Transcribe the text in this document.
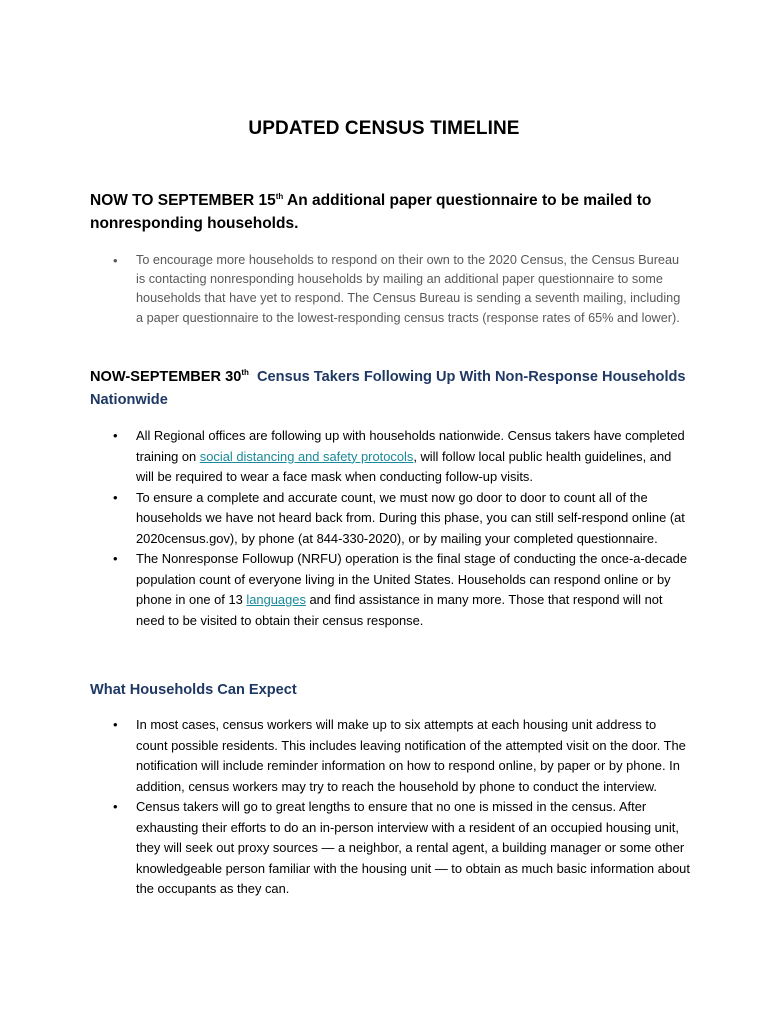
UPDATED CENSUS TIMELINE
NOW TO SEPTEMBER 15th An additional paper questionnaire to be mailed to nonresponding households.
• To encourage more households to respond on their own to the 2020 Census, the Census Bureau is contacting nonresponding households by mailing an additional paper questionnaire to some households that have yet to respond. The Census Bureau is sending a seventh mailing, including a paper questionnaire to the lowest-responding census tracts (response rates of 65% and lower).
NOW-SEPTEMBER 30th Census Takers Following Up With Non-Response Households Nationwide
• All Regional offices are following up with households nationwide. Census takers have completed training on social distancing and safety protocols, will follow local public health guidelines, and will be required to wear a face mask when conducting follow-up visits.
• To ensure a complete and accurate count, we must now go door to door to count all of the households we have not heard back from. During this phase, you can still self-respond online (at 2020census.gov), by phone (at 844-330-2020), or by mailing your completed questionnaire.
• The Nonresponse Followup (NRFU) operation is the final stage of conducting the once-a-decade population count of everyone living in the United States. Households can respond online or by phone in one of 13 languages and find assistance in many more. Those that respond will not need to be visited to obtain their census response.
What Households Can Expect
• In most cases, census workers will make up to six attempts at each housing unit address to count possible residents. This includes leaving notification of the attempted visit on the door. The notification will include reminder information on how to respond online, by paper or by phone. In addition, census workers may try to reach the household by phone to conduct the interview.
• Census takers will go to great lengths to ensure that no one is missed in the census. After exhausting their efforts to do an in-person interview with a resident of an occupied housing unit, they will seek out proxy sources — a neighbor, a rental agent, a building manager or some other knowledgeable person familiar with the housing unit — to obtain as much basic information about the occupants as they can.
